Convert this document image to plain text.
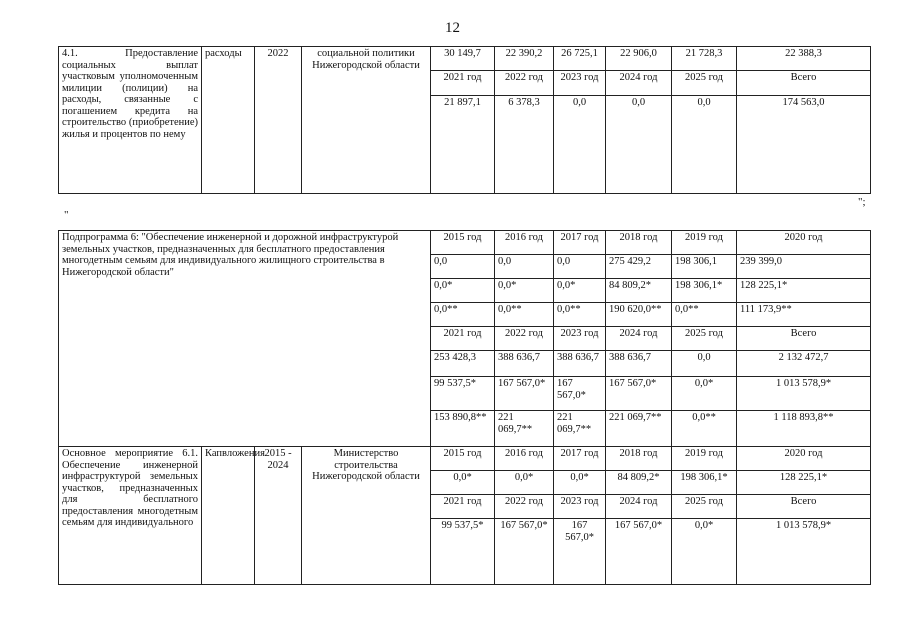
12
4.1. Предоставление социальных выплат участковым уполномоченным милиции (полиции) на расходы, связанные с погашением кредита на строительство (приобретение) жилья и процентов по нему	расходы	2022	социальной политики Нижегородской области	30 149,7	22 390,2	26 725,1	22 906,0	21 728,3	22 388,3
				2021 год	2022 год	2023 год	2024 год	2025 год	Всего
				21 897,1	6 378,3	0,0	0,0	0,0	174 563,0
";
"
Подпрограмма 6: "Обеспечение инженерной и дорожной инфраструктурой земельных участков, предназначенных для бесплатного предоставления многодетным семьям для индивидуального жилищного строительства в Нижегородской области"				2015 год	2016 год	2017 год	2018 год	2019 год	2020 год
				0,0	0,0	0,0	275 429,2	198 306,1	239 399,0
				0,0*	0,0*	0,0*	84 809,2*	198 306,1*	128 225,1*
				0,0**	0,0**	0,0**	190 620,0**	0,0**	111 173,9**
				2021 год	2022 год	2023 год	2024 год	2025 год	Всего
				253 428,3	388 636,7	388 636,7	388 636,7	0,0	2 132 472,7
				99 537,5*	167 567,0*	167 567,0*	167 567,0*	0,0*	1 013 578,9*
				153 890,8**	221 069,7**	221 069,7**	221 069,7**	0,0**	1 118 893,8**
Основное мероприятие 6.1. Обеспечение инженерной инфраструктурой земельных участков, предназначенных для бесплатного предоставления многодетным семьям для индивидуального	Капвложения	2015 - 2024	Министерство строительства Нижегородской области	2015 год	2016 год	2017 год	2018 год	2019 год	2020 год
				0,0*	0,0*	0,0*	84 809,2*	198 306,1*	128 225,1*
				2021 год	2022 год	2023 год	2024 год	2025 год	Всего
				99 537,5*	167 567,0*	167 567,0*	167 567,0*	0,0*	1 013 578,9*
